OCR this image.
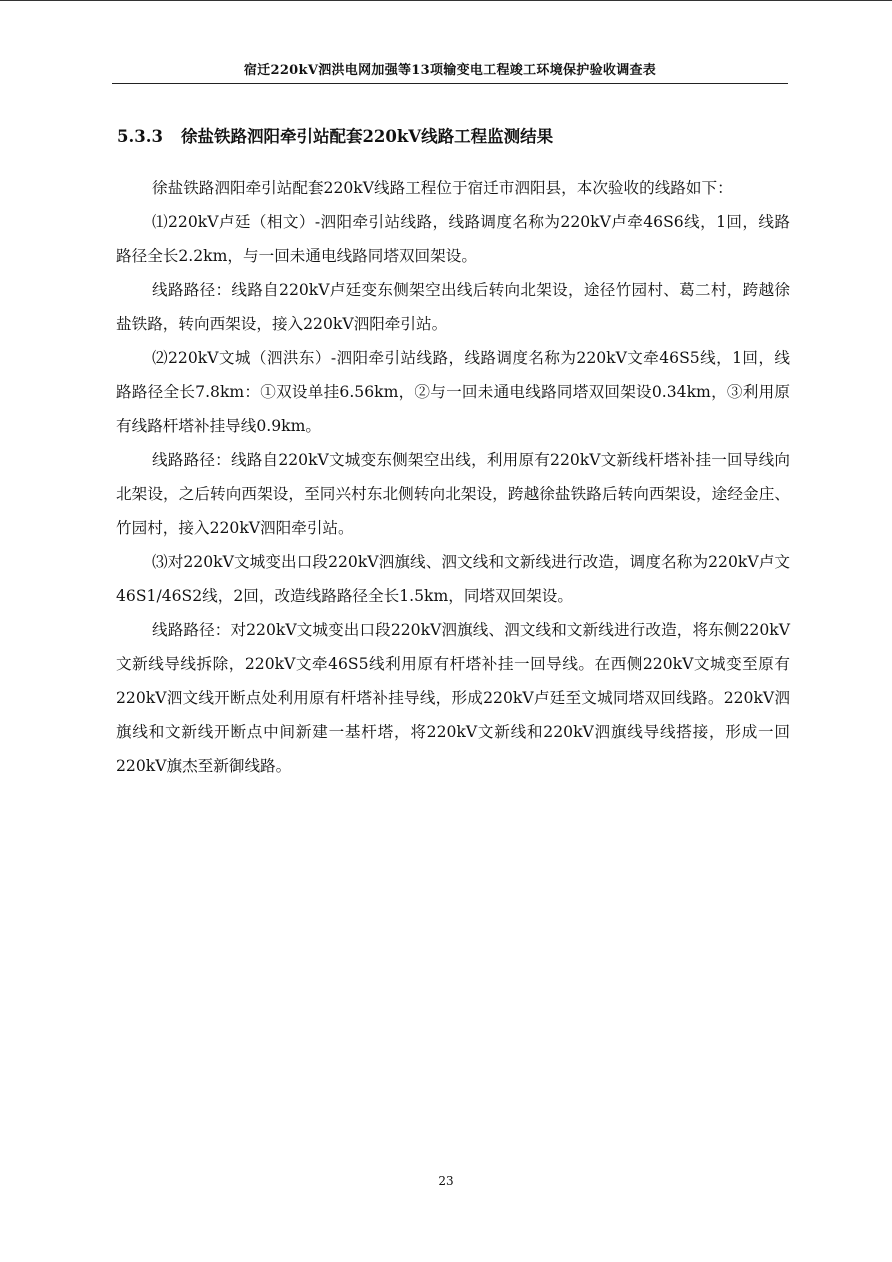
宿迁220kV泗洪电网加强等13项输变电工程竣工环境保护验收调查表
5.3.3 徐盐铁路泗阳牵引站配套220kV线路工程监测结果

徐盐铁路泗阳牵引站配套220kV线路工程位于宿迁市泗阳县，本次验收的线路如下：

⑴220kV卢廷（相文）-泗阳牵引站线路，线路调度名称为220kV卢牵46S6线，1回，线路路径全长2.2km，与一回未通电线路同塔双回架设。

线路路径：线路自220kV卢廷变东侧架空出线后转向北架设，途径竹园村、葛二村，跨越徐盐铁路，转向西架设，接入220kV泗阳牵引站。

⑵220kV文城（泗洪东）-泗阳牵引站线路，线路调度名称为220kV文牵46S5线，1回，线路路径全长7.8km：①双设单挂6.56km，②与一回未通电线路同塔双回架设0.34km，③利用原有线路杆塔补挂导线0.9km。

线路路径：线路自220kV文城变东侧架空出线，利用原有220kV文新线杆塔补挂一回导线向北架设，之后转向西架设，至同兴村东北侧转向北架设，跨越徐盐铁路后转向西架设，途经金庄、竹园村，接入220kV泗阳牵引站。

⑶对220kV文城变出口段220kV泗旗线、泗文线和文新线进行改造，调度名称为220kV卢文46S1/46S2线，2回，改造线路路径全长1.5km，同塔双回架设。

线路路径：对220kV文城变出口段220kV泗旗线、泗文线和文新线进行改造，将东侧220kV文新线导线拆除，220kV文牵46S5线利用原有杆塔补挂一回导线。在西侧220kV文城变至原有220kV泗文线开断点处利用原有杆塔补挂导线，形成220kV卢廷至文城同塔双回线路。220kV泗旗线和文新线开断点中间新建一基杆塔，将220kV文新线和220kV泗旗线导线搭接，形成一回220kV旗杰至新御线路。

23
